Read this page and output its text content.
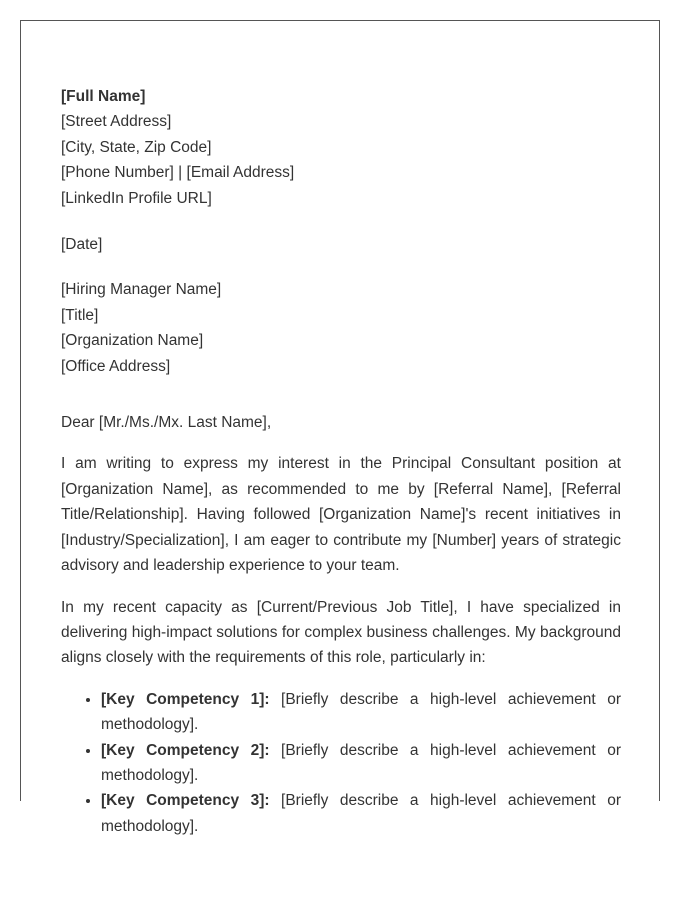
[Full Name]
[Street Address]
[City, State, Zip Code]
[Phone Number] | [Email Address]
[LinkedIn Profile URL]
[Date]
[Hiring Manager Name]
[Title]
[Organization Name]
[Office Address]
Dear [Mr./Ms./Mx. Last Name],

I am writing to express my interest in the Principal Consultant position at [Organization Name], as recommended to me by [Referral Name], [Referral Title/Relationship]. Having followed [Organization Name]'s recent initiatives in [Industry/Specialization], I am eager to contribute my [Number] years of strategic advisory and leadership experience to your team.

In my recent capacity as [Current/Previous Job Title], I have specialized in delivering high-impact solutions for complex business challenges. My background aligns closely with the requirements of this role, particularly in:

• [Key Competency 1]: [Briefly describe a high-level achievement or methodology].
• [Key Competency 2]: [Briefly describe a high-level achievement or methodology].
• [Key Competency 3]: [Briefly describe a high-level achievement or methodology].
